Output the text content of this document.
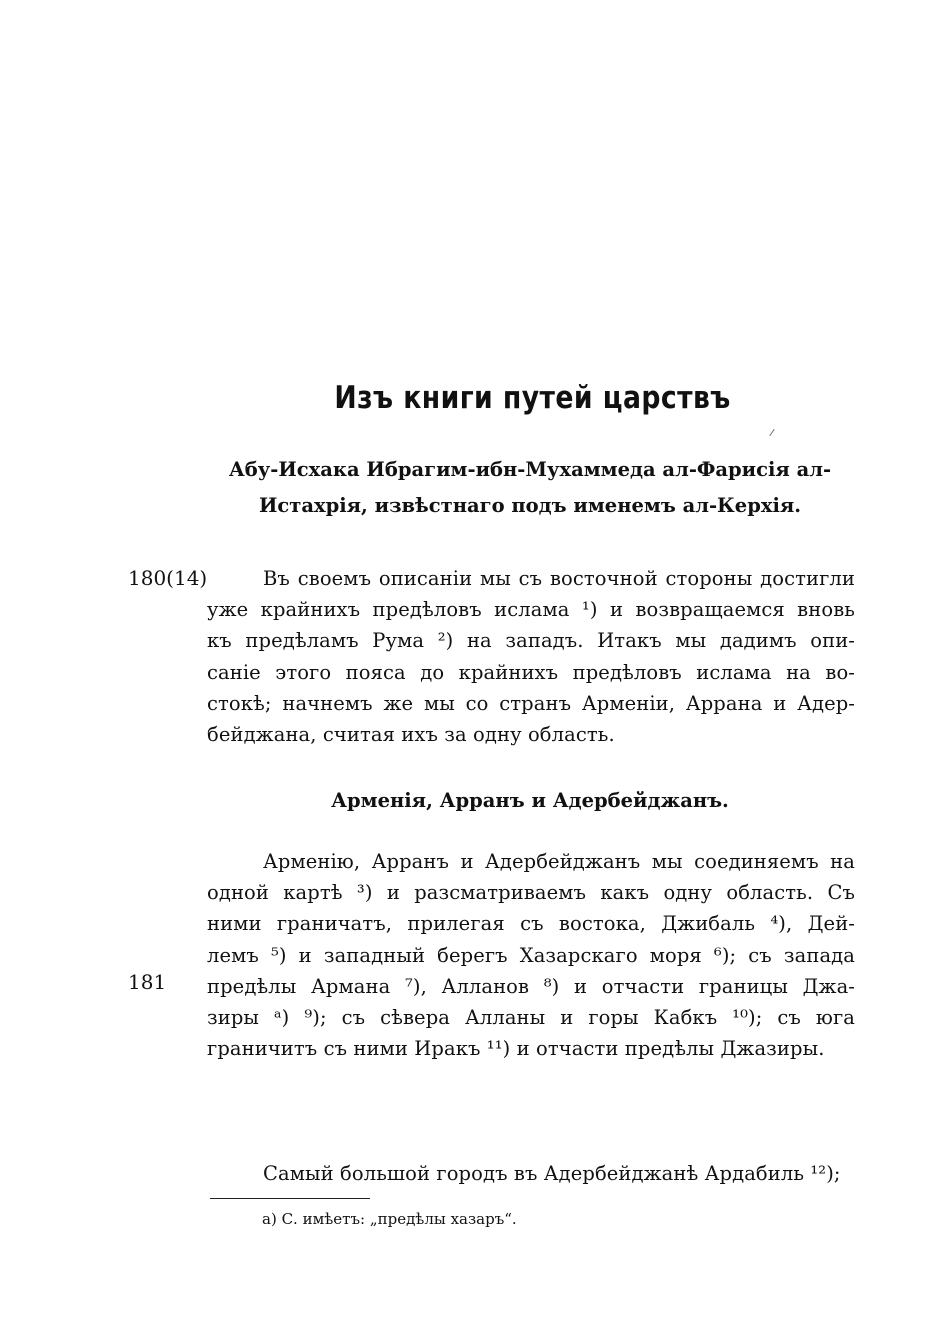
Изъ книги путей царствъ
Абу-Исхака Ибрагим-ибн-Мухаммеда ал-Фарисія ал-
Истахрія, извѣстнаго подъ именемъ ал-Керхія.
180(14)	Въ своемъ описаніи мы съ восточной стороны достигли
уже крайнихъ предѣловъ ислама ¹) и возвращаемся вновь
къ предѣламъ Рума ²) на западъ. Итакъ мы дадимъ опи-
саніе этого пояса до крайнихъ предѣловъ ислама на во-
стокѣ; начнемъ же мы со странъ Арменіи, Аррана и Адер-
бейджана, считая ихъ за одну область.
Арменія, Арранъ и Адербейджанъ.
Арменію, Арранъ и Адербейджанъ мы соединяемъ на
одной картѣ ³) и разсматриваемъ какъ одну область. Съ
ними граничатъ, прилегая съ востока, Джибаль ⁴), Дей-
лемъ ⁵) и западный берегъ Хазарскаго моря ⁶); съ запада
предѣлы Армана ⁷), Алланов ⁸) и отчасти границы Джа-
зиры ᵃ) ⁹); съ сѣвера Алланы и горы Кабкъ ¹⁰); съ юга
граничитъ съ ними Иракъ ¹¹) и отчасти предѣлы Джазиры.
181
Самый большой городъ въ Адербейджанѣ Ардабиль ¹²);
а) С. имѣетъ: „предѣлы хазаръ“.
